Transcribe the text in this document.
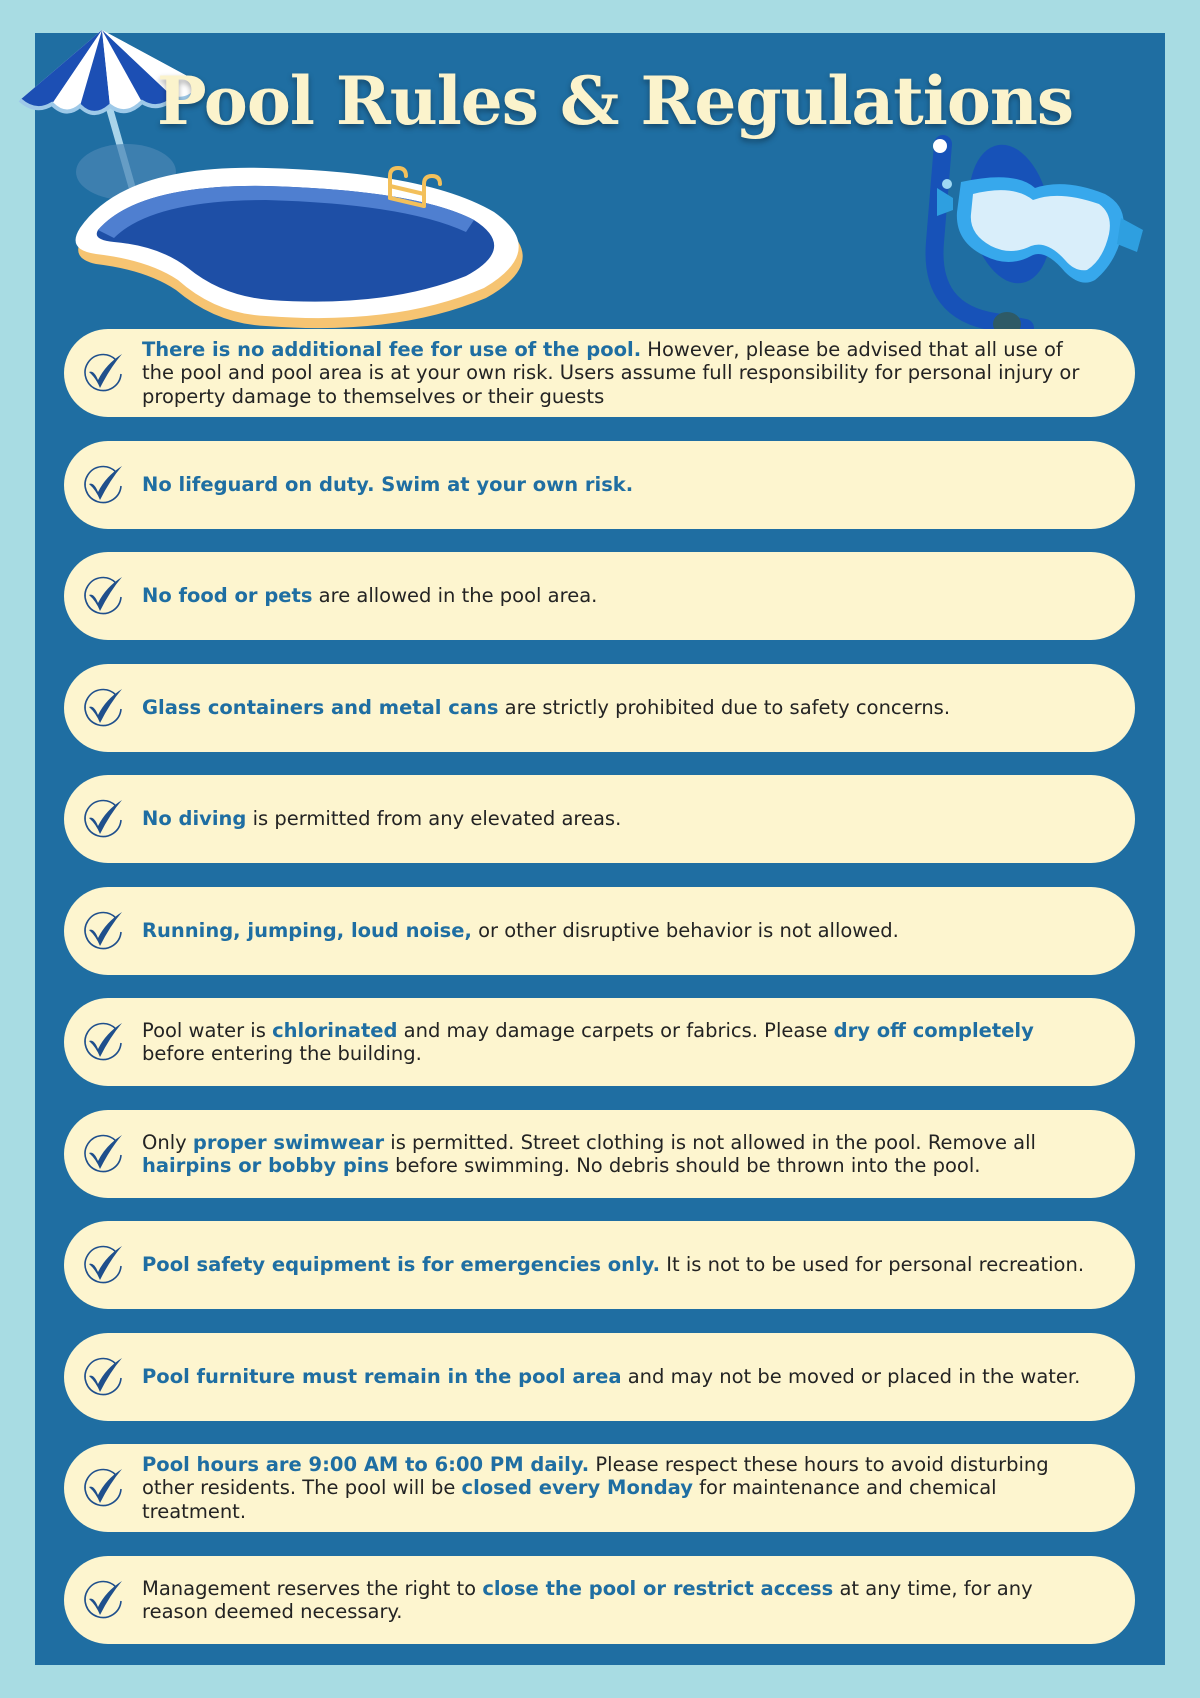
Pool Rules & Regulations
There is no additional fee for use of the pool. However, please be advised that all use of the pool and pool area is at your own risk. Users assume full responsibility for personal injury or property damage to themselves or their guests
No lifeguard on duty. Swim at your own risk.
No food or pets are allowed in the pool area.
Glass containers and metal cans are strictly prohibited due to safety concerns.
No diving is permitted from any elevated areas.
Running, jumping, loud noise, or other disruptive behavior is not allowed.
Pool water is chlorinated and may damage carpets or fabrics. Please dry off completely before entering the building.
Only proper swimwear is permitted. Street clothing is not allowed in the pool. Remove all hairpins or bobby pins before swimming. No debris should be thrown into the pool.
Pool safety equipment is for emergencies only. It is not to be used for personal recreation.
Pool furniture must remain in the pool area and may not be moved or placed in the water.
Pool hours are 9:00 AM to 6:00 PM daily. Please respect these hours to avoid disturbing other residents. The pool will be closed every Monday for maintenance and chemical treatment.
Management reserves the right to close the pool or restrict access at any time, for any reason deemed necessary.
